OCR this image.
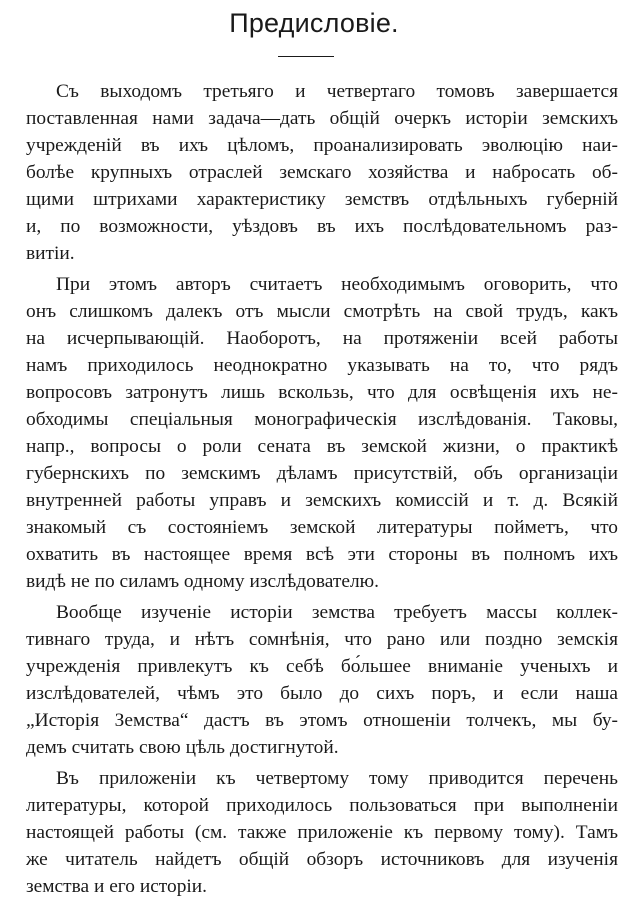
Предисловіе.
Съ выходомъ третьяго и четвертаго томовъ завершается
поставленная нами задача—дать общій очеркъ исторіи земскихъ
учрежденій въ ихъ цѣломъ, проанализировать эволюцію наи-
болѣе крупныхъ отраслей земскаго хозяйства и набросать об-
щими штрихами характеристику земствъ отдѣльныхъ губерній
и, по возможности, уѣздовъ въ ихъ послѣдовательномъ раз-
витіи.
При этомъ авторъ считаетъ необходимымъ оговорить, что
онъ слишкомъ далекъ отъ мысли смотрѣть на свой трудъ, какъ
на исчерпывающій. Наоборотъ, на протяженіи всей работы
намъ приходилось неоднократно указывать на то, что рядъ
вопросовъ затронутъ лишь вскользь, что для освѣщенія ихъ не-
обходимы спеціальныя монографическія изслѣдованія. Таковы,
напр., вопросы о роли сената въ земской жизни, о практикѣ
губернскихъ по земскимъ дѣламъ присутствій, объ организаціи
внутренней работы управъ и земскихъ комиссій и т. д. Всякій
знакомый съ состояніемъ земской литературы пойметъ, что
охватить въ настоящее время всѣ эти стороны въ полномъ ихъ
видѣ не по силамъ одному изслѣдователю.
Вообще изученіе исторіи земства требуетъ массы коллек-
тивнаго труда, и нѣтъ сомнѣнія, что рано или поздно земскія
учрежденія привлекутъ къ себѣ бо́льшее вниманіе ученыхъ и
изслѣдователей, чѣмъ это было до сихъ поръ, и если наша
„Исторія Земства“ дастъ въ этомъ отношеніи толчекъ, мы бу-
демъ считать свою цѣль достигнутой.
Въ приложеніи къ четвертому тому приводится перечень
литературы, которой приходилось пользоваться при выполненіи
настоящей работы (см. также приложеніе къ первому тому). Тамъ
же читатель найдетъ общій обзоръ источниковъ для изученія
земства и его исторіи.
